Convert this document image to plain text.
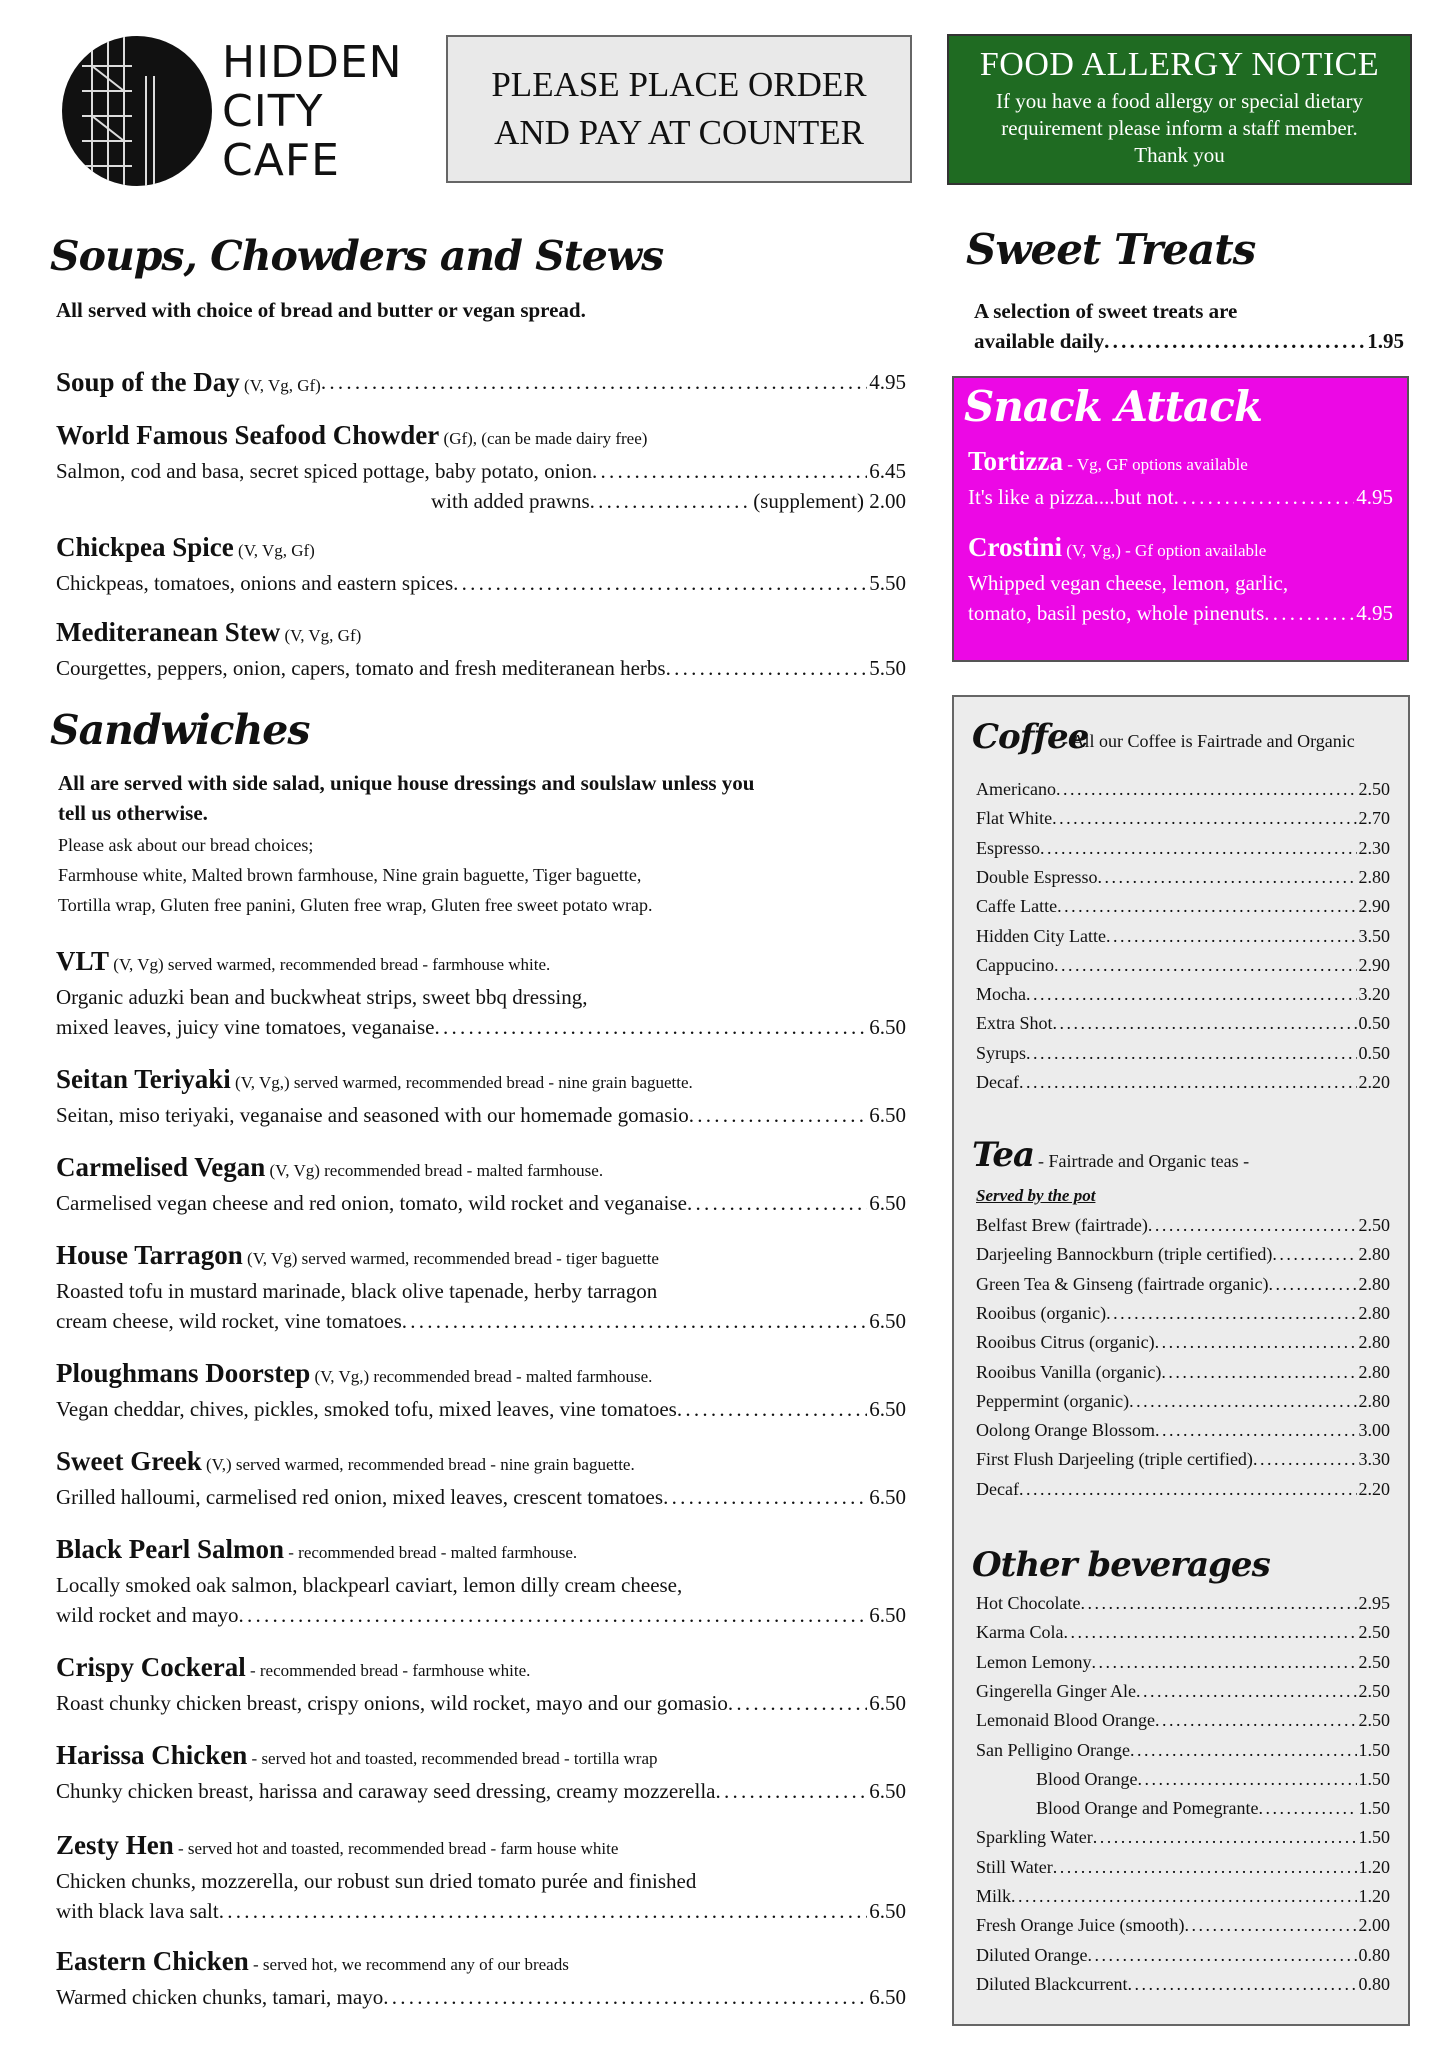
HIDDEN
CITY
CAFE
PLEASE PLACE ORDER
AND PAY AT COUNTER
FOOD ALLERGY NOTICE
If you have a food allergy or special dietary
requirement please inform a staff member.
Thank you
Soups, Chowders and Stews
All served with choice of bread and butter or vegan spread.
Soup of the Day (V, Vg, Gf) . . .	4.95
World Famous Seafood Chowder (Gf), (can be made dairy free)
Salmon, cod and basa, secret spiced pottage, baby potato, onion . . .	6.45
with added prawns . . .	(supplement) 2.00
Chickpea Spice (V, Vg, Gf)
Chickpeas, tomatoes, onions and eastern spices . . .	5.50
Mediteranean Stew (V, Vg, Gf)
Courgettes, peppers, onion, capers, tomato and fresh mediteranean herbs . . .	5.50
Sandwiches
All are served with side salad, unique house dressings and soulslaw unless you
tell us otherwise.
Please ask about our bread choices;
Farmhouse white, Malted brown farmhouse, Nine grain baguette, Tiger baguette,
Tortilla wrap, Gluten free panini, Gluten free wrap, Gluten free sweet potato wrap.
VLT (V, Vg) served warmed, recommended bread - farmhouse white.
Organic aduzki bean and buckwheat strips, sweet bbq dressing,
mixed leaves, juicy vine tomatoes, veganaise . . .	6.50
Seitan Teriyaki (V, Vg,) served warmed, recommended bread - nine grain baguette.
Seitan, miso teriyaki, veganaise and seasoned with our homemade gomasio . . .	6.50
Carmelised Vegan (V, Vg) recommended bread - malted farmhouse.
Carmelised vegan cheese and red onion, tomato, wild rocket and veganaise . . .	6.50
House Tarragon (V, Vg) served warmed, recommended bread - tiger baguette
Roasted tofu in mustard marinade, black olive tapenade, herby tarragon
cream cheese, wild rocket, vine tomatoes . . .	6.50
Ploughmans Doorstep (V, Vg,) recommended bread - malted farmhouse.
Vegan cheddar, chives, pickles, smoked tofu, mixed leaves, vine tomatoes . . .	6.50
Sweet Greek (V,) served warmed, recommended bread - nine grain baguette.
Grilled halloumi, carmelised red onion, mixed leaves, crescent tomatoes . . .	6.50
Black Pearl Salmon - recommended bread - malted farmhouse.
Locally smoked oak salmon, blackpearl caviart, lemon dilly cream cheese,
wild rocket and mayo . . .	6.50
Crispy Cockeral - recommended bread - farmhouse white.
Roast chunky chicken breast, crispy onions, wild rocket, mayo and our gomasio . . .	6.50
Harissa Chicken - served hot and toasted, recommended bread - tortilla wrap
Chunky chicken breast, harissa and caraway seed dressing, creamy mozzerella . . .	6.50
Zesty Hen - served hot and toasted, recommended bread - farm house white
Chicken chunks, mozzerella, our robust sun dried tomato purée and finished
with black lava salt . . .	6.50
Eastern Chicken - served hot, we recommend any of our breads
Warmed chicken chunks, tamari, mayo . . .	6.50
Sweet Treats
A selection of sweet treats are
available daily . . .	1.95
Snack Attack
Tortizza - Vg, GF options available
It's like a pizza....but not . . .	4.95
Crostini (V, Vg,) - Gf option available
Whipped vegan cheese, lemon, garlic,
tomato, basil pesto, whole pinenuts . . .	4.95
Coffee
- All our Coffee is Fairtrade and Organic
Americano . . .	2.50
Flat White . . .	2.70
Espresso . . .	2.30
Double Espresso . . .	2.80
Caffe Latte . . .	2.90
Hidden City Latte . . .	3.50
Cappucino . . .	2.90
Mocha . . .	3.20
Extra Shot . . .	0.50
Syrups . . .	0.50
Decaf . . .	2.20
Tea - Fairtrade and Organic teas -
Served by the pot
Belfast Brew (fairtrade) . . .	2.50
Darjeeling Bannockburn (triple certified) . . .	2.80
Green Tea & Ginseng (fairtrade organic) . . .	2.80
Rooibus (organic) . . .	2.80
Rooibus Citrus (organic) . . .	2.80
Rooibus Vanilla (organic) . . .	2.80
Peppermint (organic) . . .	2.80
Oolong Orange Blossom . . .	3.00
First Flush Darjeeling (triple certified) . . .	3.30
Decaf . . .	2.20
Other beverages
Hot Chocolate . . .	2.95
Karma Cola . . .	2.50
Lemon Lemony . . .	2.50
Gingerella Ginger Ale . . .	2.50
Lemonaid Blood Orange . . .	2.50
San Pelligino Orange . . .	1.50
Blood Orange . . .	1.50
Blood Orange and Pomegrante . . .	1.50
Sparkling Water . . .	1.50
Still Water . . .	1.20
Milk . . .	1.20
Fresh Orange Juice (smooth) . . .	2.00
Diluted Orange . . .	0.80
Diluted Blackcurrent . . .	0.80
